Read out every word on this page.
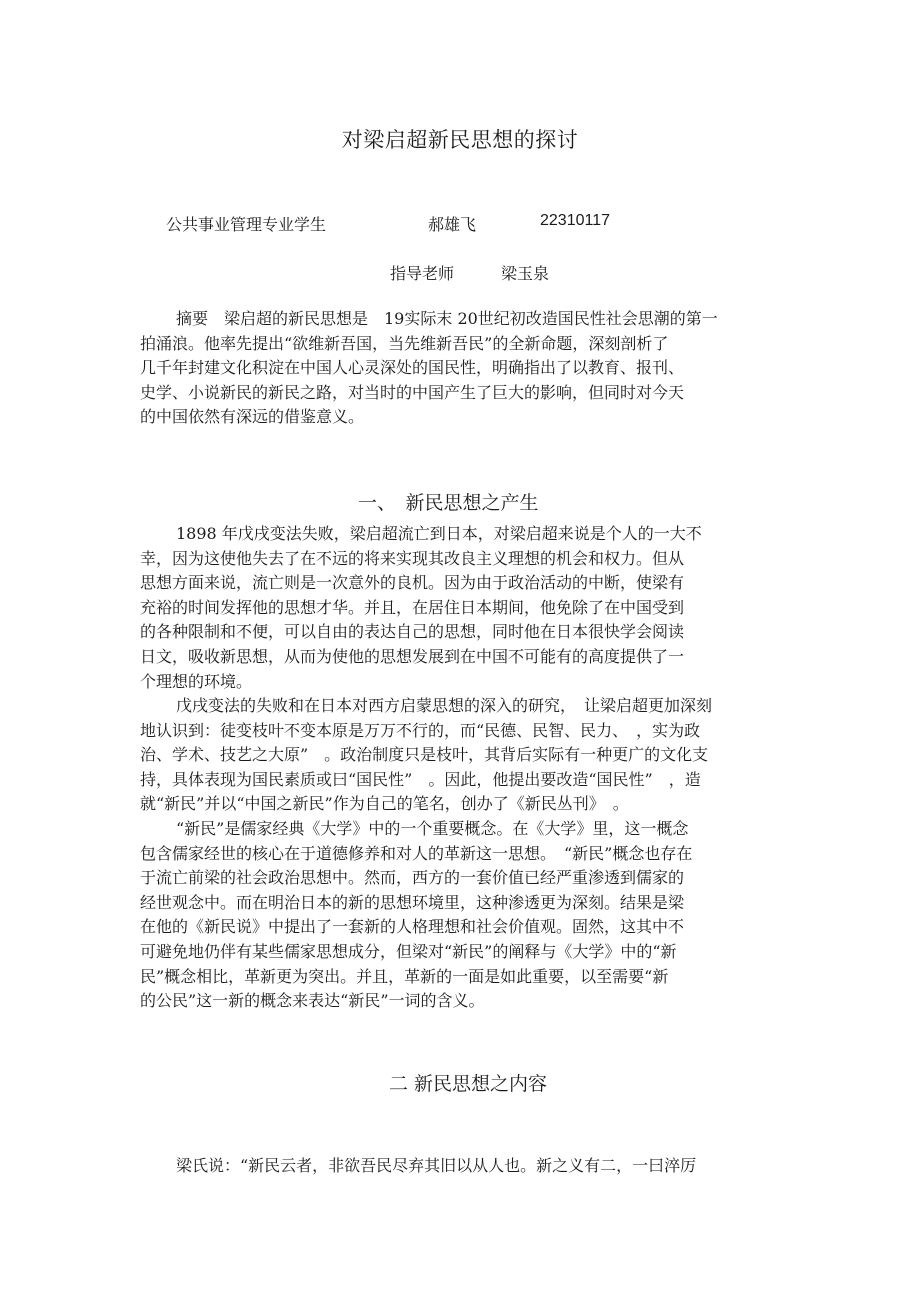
对梁启超新民思想的探讨
公共事业管理专业学生	郝雄飞	22310117
指导老师	梁玉泉
摘要　梁启超的新民思想是　19实际末 20世纪初改造国民性社会思潮的第一
拍涌浪。他率先提出“欲维新吾国，当先维新吾民”的全新命题，深刻剖析了
几千年封建文化积淀在中国人心灵深处的国民性，明确指出了以教育、报刊、
史学、小说新民的新民之路，对当时的中国产生了巨大的影响，但同时对今天
的中国依然有深远的借鉴意义。
一、　新民思想之产生
1898 年戊戌变法失败，梁启超流亡到日本，对梁启超来说是个人的一大不
幸，因为这使他失去了在不远的将来实现其改良主义理想的机会和权力。但从
思想方面来说，流亡则是一次意外的良机。因为由于政治活动的中断，使梁有
充裕的时间发挥他的思想才华。并且，在居住日本期间，他免除了在中国受到
的各种限制和不便，可以自由的表达自己的思想，同时他在日本很快学会阅读
日文，吸收新思想，从而为使他的思想发展到在中国不可能有的高度提供了一
个理想的环境。
戊戌变法的失败和在日本对西方启蒙思想的深入的研究，　让梁启超更加深刻
地认识到：徒变枝叶不变本原是万万不行的，而“民德、民智、民力、　，实为政
治、学术、技艺之大原”　。政治制度只是枝叶，其背后实际有一种更广的文化支
持，具体表现为国民素质或曰“国民性”　。因此，他提出要改造“国民性”　，造
就“新民”并以“中国之新民”作为自己的笔名，创办了《新民丛刊》　。
“新民”是儒家经典《大学》中的一个重要概念。在《大学》里，这一概念
包含儒家经世的核心在于道德修养和对人的革新这一思想。　“新民”概念也存在
于流亡前梁的社会政治思想中。然而，西方的一套价值已经严重渗透到儒家的
经世观念中。而在明治日本的新的思想环境里，这种渗透更为深刻。结果是梁
在他的《新民说》中提出了一套新的人格理想和社会价值观。固然，这其中不
可避免地仍伴有某些儒家思想成分，但梁对“新民”的阐释与《大学》中的“新
民”概念相比，革新更为突出。并且，革新的一面是如此重要，以至需要“新
的公民”这一新的概念来表达“新民”一词的含义。
二 新民思想之内容
梁氏说：“新民云者，非欲吾民尽弃其旧以从人也。新之义有二，一曰淬厉
